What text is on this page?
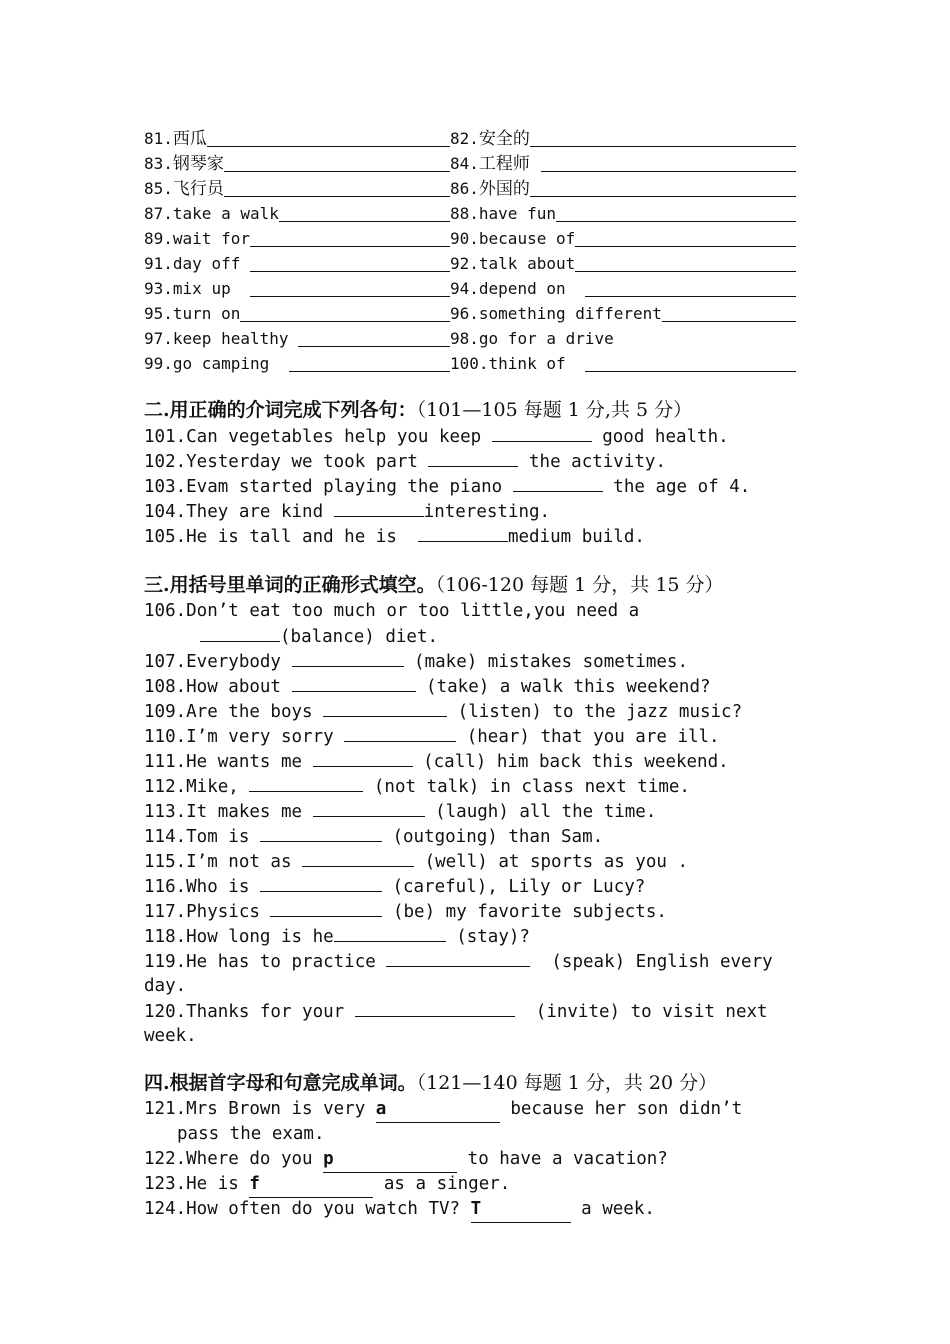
81. 西瓜	82. 安全的
83. 钢琴家	84. 工程师
85. 飞行员	86. 外国的
87. take a walk	88. have fun
89. wait for	90. because of
91. day off	92. talk about
93. mix up	94. depend on
95. turn on	96. something different
97. keep healthy	98. go for a drive
99. go camping	100. think of
二.用正确的介词完成下列各句：（101—105 每题 1 分,共 5 分）
101.Can vegetables help you keep	good health.
102.Yesterday we took part	the activity.
103.Evam started playing the piano	the age of 4.
104.They are kind	interesting.
105.He is tall and he is	medium build.
三.用括号里单词的正确形式填空。（106-120 每题 1 分，共 15 分）
106.Don’t eat too much or too little,you need a
(balance) diet.
107.Everybody	(make) mistakes sometimes.
108.How about	(take) a walk this weekend?
109.Are the boys	(listen) to the jazz music?
110.I’m very sorry	(hear) that you are ill.
111.He wants me	(call) him back this weekend.
112.Mike,	(not talk) in class next time.
113.It makes me	(laugh) all the time.
114.Tom is	(outgoing) than Sam.
115.I’m not as	(well) at sports as you .
116.Who is	(careful), Lily or Lucy?
117.Physics	(be) my favorite subjects.
118.How long is he	(stay)?
119.He has to practice	(speak) English every
day.
120.Thanks for your	(invite) to visit next
week.
四.根据首字母和句意完成单词。（121—140 每题 1 分，共 20 分）
121.Mrs Brown is very a	because her son didn’t
pass the exam.
122.Where do you p	to have a vacation?
123.He is f	as a singer.
124.How often do you watch TV? T	a week.
